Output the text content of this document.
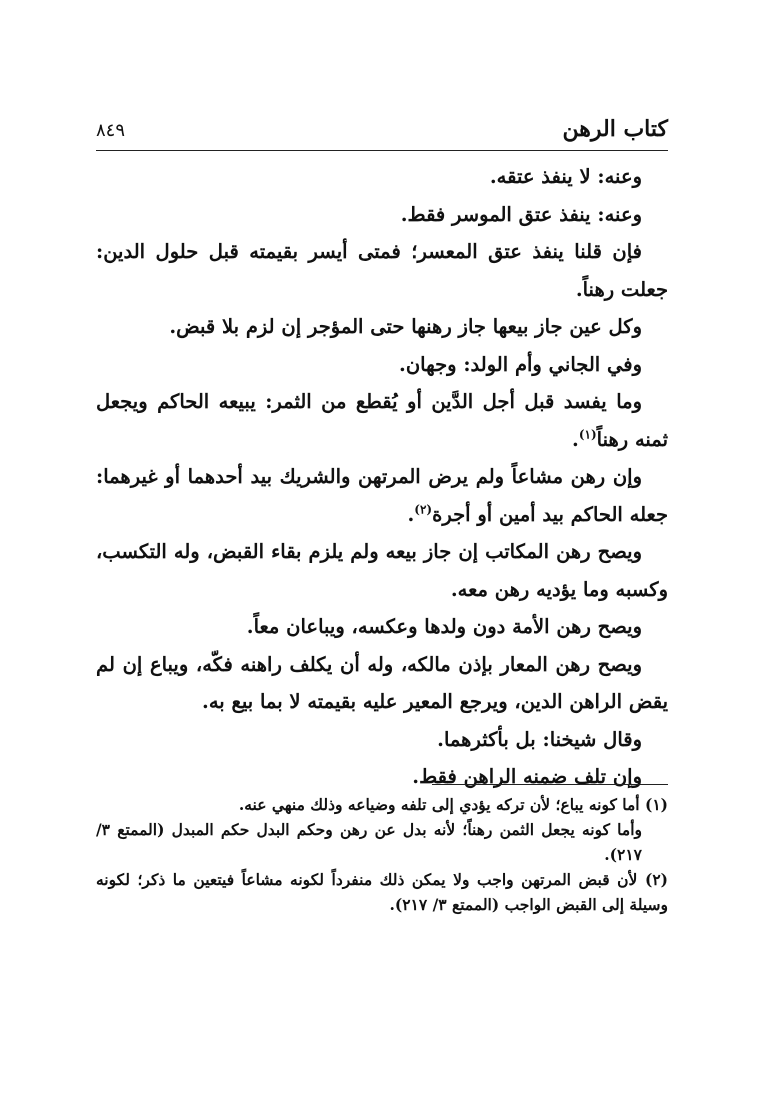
كتاب الرهن
٨٤٩

وعنه: لا ينفذ عتقه.

وعنه: ينفذ عتق الموسر فقط.

فإن قلنا ينفذ عتق المعسر؛ فمتى أيسر بقيمته قبل حلول الدين: جعلت رهناً.

وكل عين جاز بيعها جاز رهنها حتى المؤجر إن لزم بلا قبض.

وفي الجاني وأم الولد: وجهان.

وما يفسد قبل أجل الدَّين أو يُقطع من الثمر: يبيعه الحاكم ويجعل ثمنه رهناً$^{(١)}$.

وإن رهن مشاعاً ولم يرض المرتهن والشريك بيد أحدهما أو غيرهما: جعله الحاكم بيد أمين أو أجرة$^{(٢)}$.

ويصح رهن المكاتب إن جاز بيعه ولم يلزم بقاء القبض، وله التكسب، وكسبه وما يؤديه رهن معه.

ويصح رهن الأمة دون ولدها وعكسه، ويباعان معاً.

ويصح رهن المعار بإذن مالكه، وله أن يكلف راهنه فكّه، ويباع إن لم يقض الراهن الدين، ويرجع المعير عليه بقيمته لا بما بيع به.

وقال شيخنا: بل بأكثرهما.

وإن تلف ضمنه الراهن فقط.

(١) أما كونه يباع؛ لأن تركه يؤدي إلى تلفه وضياعه وذلك منهي عنه.

وأما كونه يجعل الثمن رهناً؛ لأنه بدل عن رهن وحكم البدل حكم المبدل (الممتع ٣/ ٢١٧).

(٢) لأن قبض المرتهن واجب ولا يمكن ذلك منفرداً لكونه مشاعاً فيتعين ما ذكر؛ لكونه وسيلة إلى القبض الواجب (الممتع ٣/ ٢١٧).
